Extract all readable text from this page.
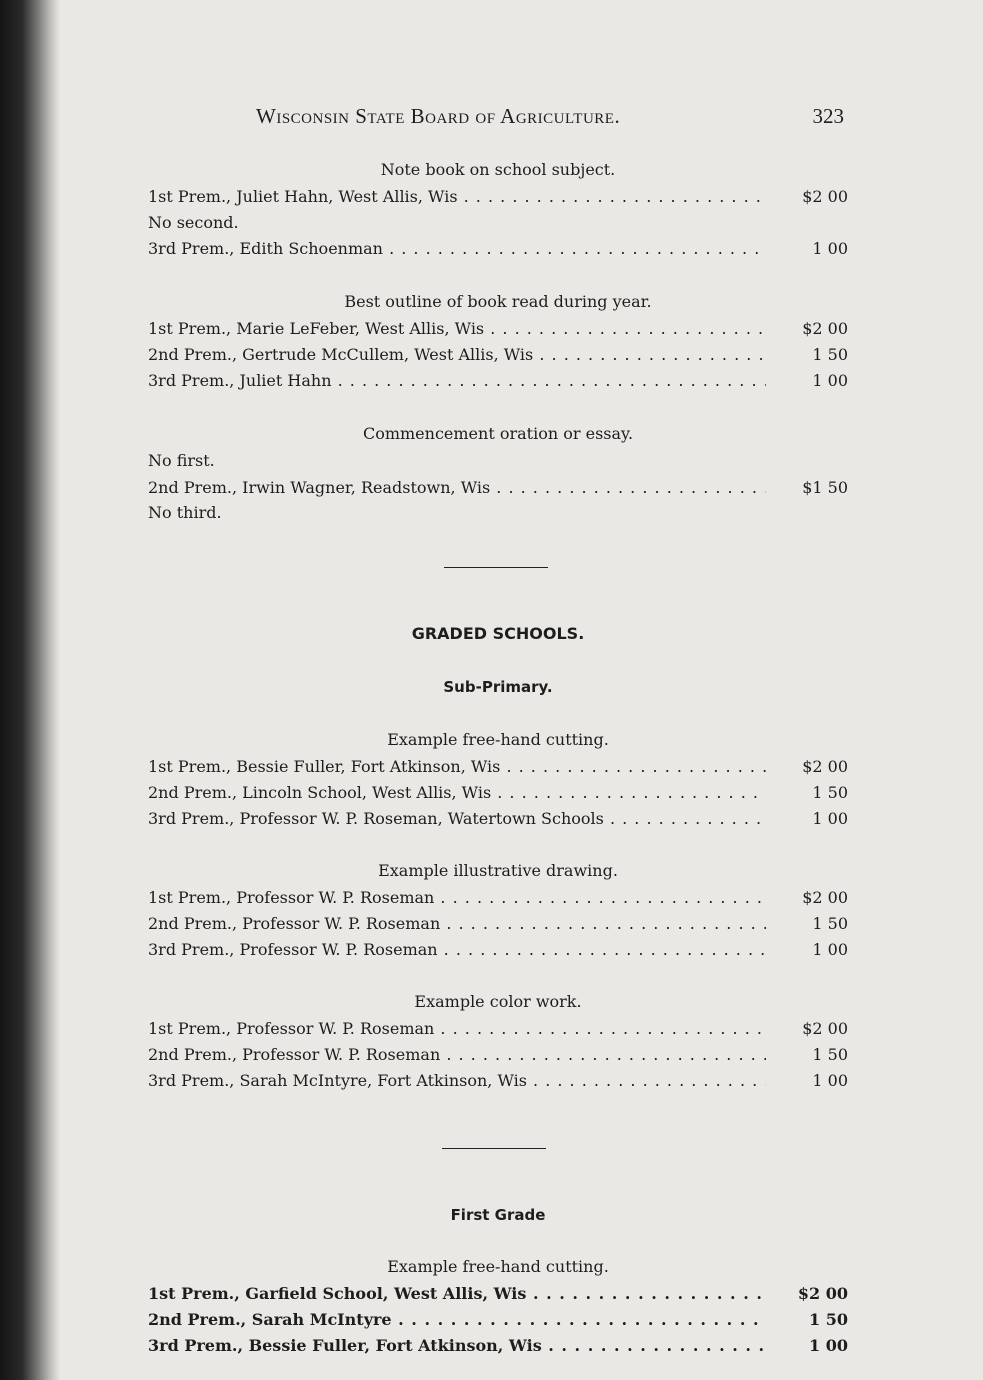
Wisconsin State Board of Agriculture.	323
Note book on school subject.
1st Prem., Juliet Hahn, West Allis, Wis . . .	$2 00
No second.
3rd Prem., Edith Schoenman . . .	1 00
Best outline of book read during year.
1st Prem., Marie LeFeber, West Allis, Wis . . .	$2 00
2nd Prem., Gertrude McCullem, West Allis, Wis . . .	1 50
3rd Prem., Juliet Hahn . . .	1 00
Commencement oration or essay.
No first.
2nd Prem., Irwin Wagner, Readstown, Wis . . .	$1 50
No third.
GRADED SCHOOLS.
Sub-Primary.
Example free-hand cutting.
1st Prem., Bessie Fuller, Fort Atkinson, Wis . . .	$2 00
2nd Prem., Lincoln School, West Allis, Wis . . .	1 50
3rd Prem., Professor W. P. Roseman, Watertown Schools . . .	1 00
Example illustrative drawing.
1st Prem., Professor W. P. Roseman . . .	$2 00
2nd Prem., Professor W. P. Roseman . . .	1 50
3rd Prem., Professor W. P. Roseman . . .	1 00
Example color work.
1st Prem., Professor W. P. Roseman . . .	$2 00
2nd Prem., Professor W. P. Roseman . . .	1 50
3rd Prem., Sarah McIntyre, Fort Atkinson, Wis . . .	1 00
First Grade
Example free-hand cutting.
1st Prem., Garfield School, West Allis, Wis . . .	$2 00
2nd Prem., Sarah McIntyre . . .	1 50
3rd Prem., Bessie Fuller, Fort Atkinson, Wis . . .	1 00
